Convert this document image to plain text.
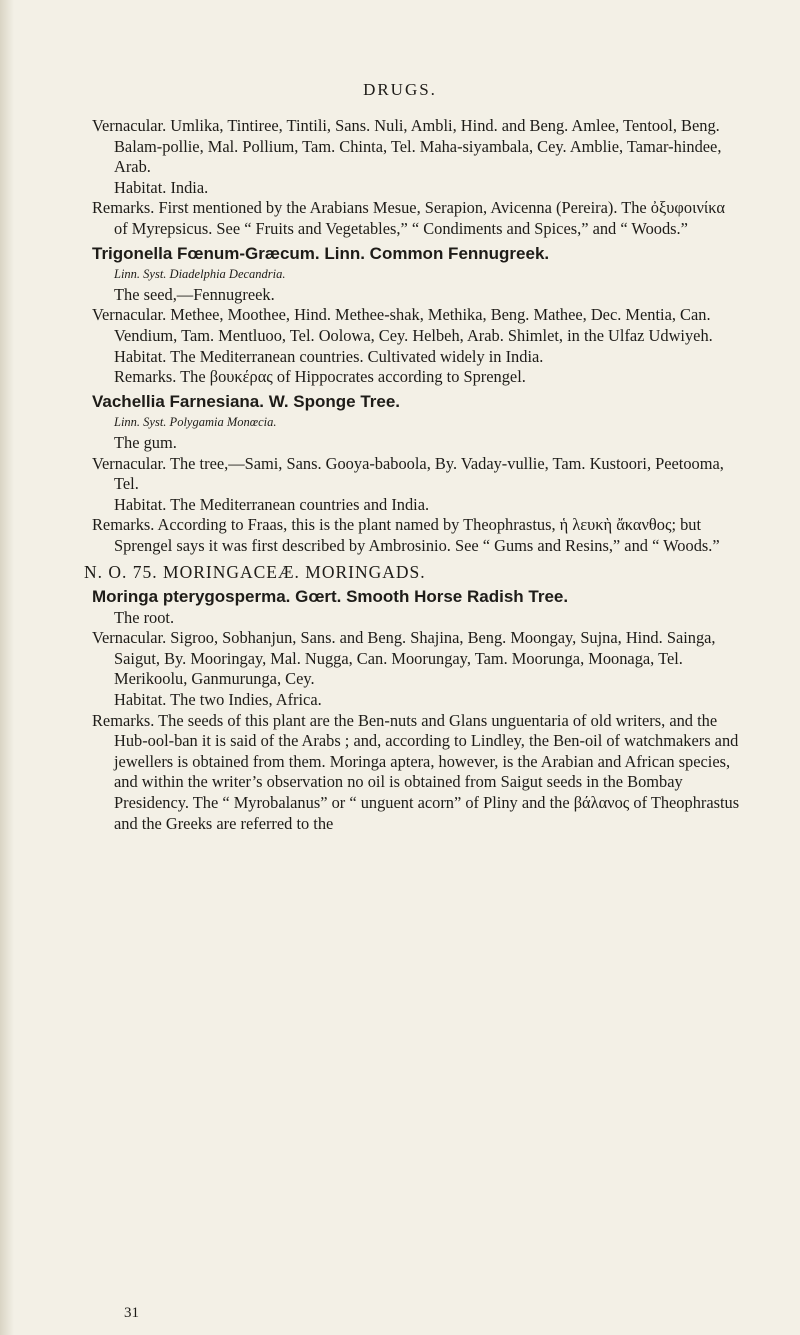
DRUGS.

Vernacular. Umlika, Tintiree, Tintili, Sans. Nuli, Ambli, Hind. and Beng. Amlee, Tentool, Beng. Balam-pollie, Mal. Pollium, Tam. Chinta, Tel. Maha-siyambala, Cey. Amblie, Tamar-hindee, Arab.

Habitat. India.

Remarks. First mentioned by the Arabians Mesue, Serapion, Avicenna (Pereira). The ὀξυφοινίκα of Myrepsicus. See “ Fruits and Vegetables,” “ Condiments and Spices,” and “ Woods.”

Trigonella Fœnum-Græcum. Linn. Common Fennugreek.

Linn. Syst. Diadelphia Decandria.

The seed,—Fennugreek.

Vernacular. Methee, Moothee, Hind. Methee-shak, Methika, Beng. Mathee, Dec. Mentia, Can. Vendium, Tam. Mentluoo, Tel. Oolowa, Cey. Helbeh, Arab. Shimlet, in the Ulfaz Udwiyeh.

Habitat. The Mediterranean countries. Cultivated widely in India.

Remarks. The βουκέρας of Hippocrates according to Sprengel.

Vachellia Farnesiana. W. Sponge Tree.

Linn. Syst. Polygamia Monœcia.

The gum.

Vernacular. The tree,—Sami, Sans. Gooya-baboola, By. Vaday-vullie, Tam. Kustoori, Peetooma, Tel.

Habitat. The Mediterranean countries and India.

Remarks. According to Fraas, this is the plant named by Theophrastus, ἡ λευκὴ ἄκανθος; but Sprengel says it was first described by Ambrosinio. See “ Gums and Resins,” and “ Woods.”

N. O. 75. MORINGACEÆ. MORINGADS.

Moringa pterygosperma. Gœrt. Smooth Horse Radish Tree.

The root.

Vernacular. Sigroo, Sobhanjun, Sans. and Beng. Shajina, Beng. Moongay, Sujna, Hind. Sainga, Saigut, By. Mooringay, Mal. Nugga, Can. Moorungay, Tam. Moorunga, Moonaga, Tel. Merikoolu, Ganmurunga, Cey.

Habitat. The two Indies, Africa.

Remarks. The seeds of this plant are the Ben-nuts and Glans unguentaria of old writers, and the Hub-ool-ban it is said of the Arabs ; and, according to Lindley, the Ben-oil of watchmakers and jewellers is obtained from them. Moringa aptera, however, is the Arabian and African species, and within the writer’s observation no oil is obtained from Saigut seeds in the Bombay Presidency. The “ Myrobalanus” or “ unguent acorn” of Pliny and the βάλανος of Theophrastus and the Greeks are referred to the

31
